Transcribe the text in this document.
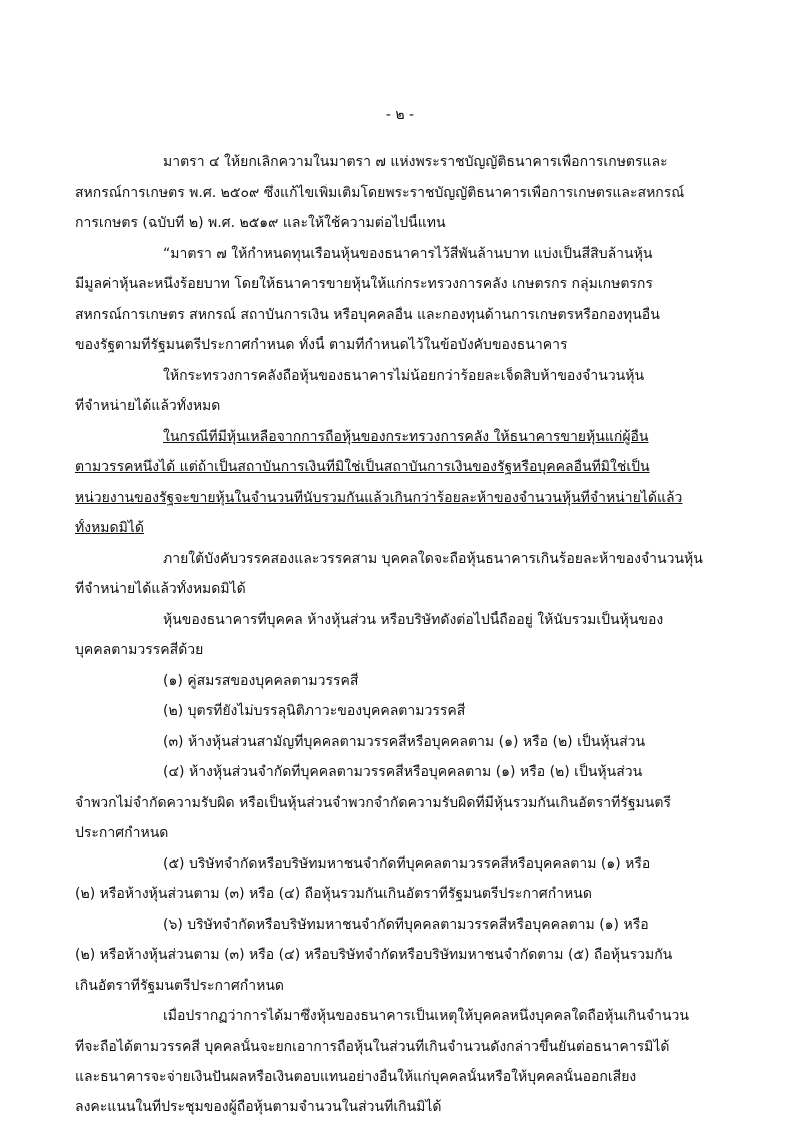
- ๒ -
มาตรา ๔ ให้ยกเลิกความในมาตรา ๗ แห่งพระราชบัญญัติธนาคารเพื่อการเกษตรและ
สหกรณ์การเกษตร พ.ศ. ๒๕๐๙ ซึ่งแก้ไขเพิ่มเติมโดยพระราชบัญญัติธนาคารเพื่อการเกษตรและสหกรณ์
การเกษตร (ฉบับที่ ๒) พ.ศ. ๒๕๑๙ และให้ใช้ความต่อไปนี้แทน
“มาตรา ๗ ให้กำหนดทุนเรือนหุ้นของธนาคารไว้สี่พันล้านบาท แบ่งเป็นสี่สิบล้านหุ้น
มีมูลค่าหุ้นละหนึ่งร้อยบาท โดยให้ธนาคารขายหุ้นให้แก่กระทรวงการคลัง เกษตรกร กลุ่มเกษตรกร
สหกรณ์การเกษตร สหกรณ์ สถาบันการเงิน หรือบุคคลอื่น และกองทุนด้านการเกษตรหรือกองทุนอื่น
ของรัฐตามที่รัฐมนตรีประกาศกำหนด ทั้งนี้ ตามที่กำหนดไว้ในข้อบังคับของธนาคาร
ให้กระทรวงการคลังถือหุ้นของธนาคารไม่น้อยกว่าร้อยละเจ็ดสิบห้าของจำนวนหุ้น
ที่จำหน่ายได้แล้วทั้งหมด
ในกรณีที่มีหุ้นเหลือจากการถือหุ้นของกระทรวงการคลัง ให้ธนาคารขายหุ้นแก่ผู้อื่น
ตามวรรคหนึ่งได้ แต่ถ้าเป็นสถาบันการเงินที่มิใช่เป็นสถาบันการเงินของรัฐหรือบุคคลอื่นที่มิใช่เป็น
หน่วยงานของรัฐจะขายหุ้นในจำนวนที่นับรวมกันแล้วเกินกว่าร้อยละห้าของจำนวนหุ้นที่จำหน่ายได้แล้ว
ทั้งหมดมิได้
ภายใต้บังคับวรรคสองและวรรคสาม บุคคลใดจะถือหุ้นธนาคารเกินร้อยละห้าของจำนวนหุ้น
ที่จำหน่ายได้แล้วทั้งหมดมิได้
หุ้นของธนาคารที่บุคคล ห้างหุ้นส่วน หรือบริษัทดังต่อไปนี้ถืออยู่ ให้นับรวมเป็นหุ้นของ
บุคคลตามวรรคสี่ด้วย
(๑) คู่สมรสของบุคคลตามวรรคสี่
(๒) บุตรที่ยังไม่บรรลุนิติภาวะของบุคคลตามวรรคสี่
(๓) ห้างหุ้นส่วนสามัญที่บุคคลตามวรรคสี่หรือบุคคลตาม (๑) หรือ (๒) เป็นหุ้นส่วน
(๔) ห้างหุ้นส่วนจำกัดที่บุคคลตามวรรคสี่หรือบุคคลตาม (๑) หรือ (๒) เป็นหุ้นส่วน
จำพวกไม่จำกัดความรับผิด หรือเป็นหุ้นส่วนจำพวกจำกัดความรับผิดที่มีหุ้นรวมกันเกินอัตราที่รัฐมนตรี
ประกาศกำหนด
(๕) บริษัทจำกัดหรือบริษัทมหาชนจำกัดที่บุคคลตามวรรคสี่หรือบุคคลตาม (๑) หรือ
(๒) หรือห้างหุ้นส่วนตาม (๓) หรือ (๔) ถือหุ้นรวมกันเกินอัตราที่รัฐมนตรีประกาศกำหนด
(๖) บริษัทจำกัดหรือบริษัทมหาชนจำกัดที่บุคคลตามวรรคสี่หรือบุคคลตาม (๑) หรือ
(๒) หรือห้างหุ้นส่วนตาม (๓) หรือ (๔) หรือบริษัทจำกัดหรือบริษัทมหาชนจำกัดตาม (๕) ถือหุ้นรวมกัน
เกินอัตราที่รัฐมนตรีประกาศกำหนด
เมื่อปรากฏว่าการได้มาซึ่งหุ้นของธนาคารเป็นเหตุให้บุคคลหนึ่งบุคคลใดถือหุ้นเกินจำนวน
ที่จะถือได้ตามวรรคสี่ บุคคลนั้นจะยกเอาการถือหุ้นในส่วนที่เกินจำนวนดังกล่าวขึ้นยันต่อธนาคารมิได้
และธนาคารจะจ่ายเงินปันผลหรือเงินตอบแทนอย่างอื่นให้แก่บุคคลนั้นหรือให้บุคคลนั้นออกเสียง
ลงคะแนนในที่ประชุมของผู้ถือหุ้นตามจำนวนในส่วนที่เกินมิได้
